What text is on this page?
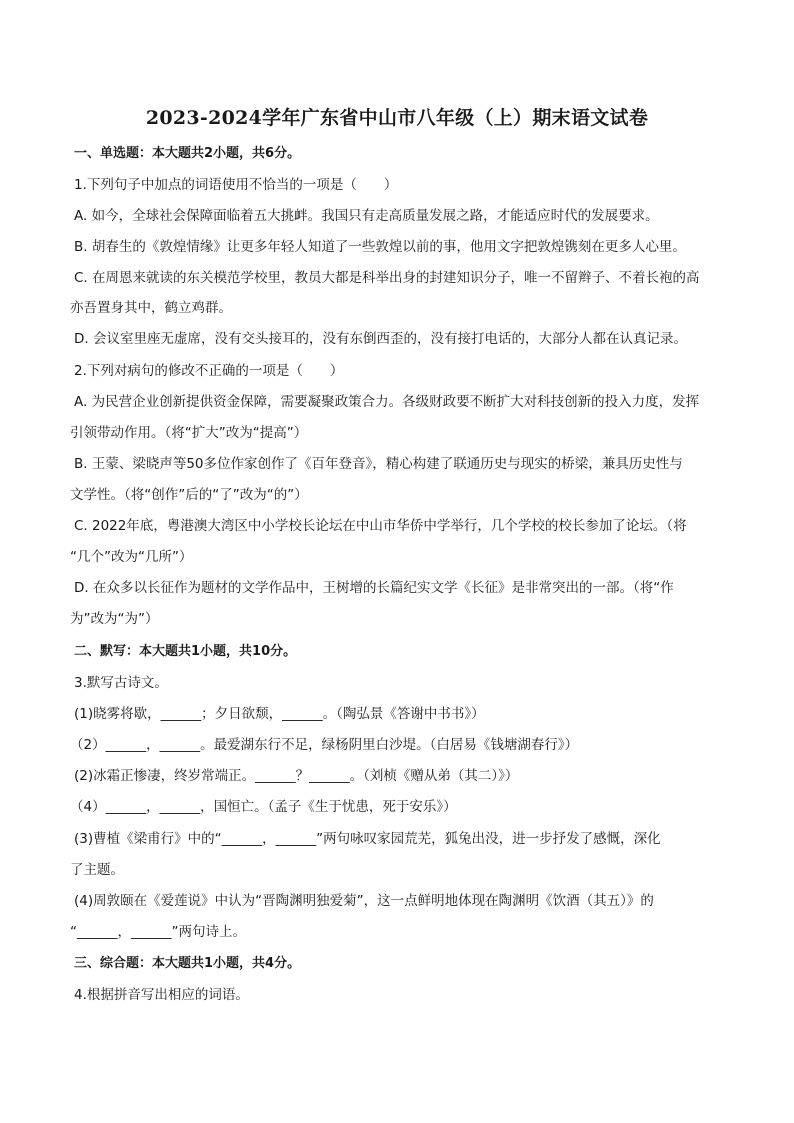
2023-2024学年广东省中山市八年级（上）期末语文试卷
一、单选题：本大题共2小题，共6分。
1.下列句子中加点的词语使用不恰当的一项是（　　）
A. 如今，全球社会保障面临着五大挑衅。我国只有走高质量发展之路，才能适应时代的发展要求。
B. 胡春生的《敦煌情缘》让更多年轻人知道了一些敦煌以前的事，他用文字把敦煌镌刻在更多人心里。
C. 在周恩来就读的东关模范学校里，教员大都是科举出身的封建知识分子，唯一不留辫子、不着长袍的高
亦吾置身其中，鹤立鸡群。
D. 会议室里座无虚席，没有交头接耳的，没有东倒西歪的，没有接打电话的，大部分人都在认真记录。
2.下列对病句的修改不正确的一项是（　　）
A. 为民营企业创新提供资金保障，需要凝聚政策合力。各级财政要不断扩大对科技创新的投入力度，发挥
引领带动作用。（将“扩大”改为“提高”）
B. 王蒙、梁晓声等50多位作家创作了《百年登音》，精心构建了联通历史与现实的桥梁，兼具历史性与
文学性。（将“创作”后的“了”改为“的”）
C. 2022年底，粤港澳大湾区中小学校长论坛在中山市华侨中学举行，几个学校的校长参加了论坛。（将
“几个”改为“几所”）
D. 在众多以长征作为题材的文学作品中，王树增的长篇纪实文学《长征》是非常突出的一部。（将“作
为”改为“为”）
二、默写：本大题共1小题，共10分。
3.默写古诗文。
(1)晓雾将歇，______；夕日欲颓，______。（陶弘景《答谢中书书》）
（2）______，______。最爱湖东行不足，绿杨阴里白沙堤。（白居易《钱塘湖春行》）
(2)冰霜正惨凄，终岁常端正。______？______。（刘桢《赠从弟（其二）》）
（4）______，______，国恒亡。（孟子《生于忧患，死于安乐》）
(3)曹植《梁甫行》中的“______，______”两句咏叹家园荒芜，狐兔出没，进一步抒发了感慨，深化
了主题。
(4)周敦颐在《爱莲说》中认为“晋陶渊明独爱菊”，这一点鲜明地体现在陶渊明《饮酒（其五）》的
“______，______”两句诗上。
三、综合题：本大题共1小题，共4分。
4.根据拼音写出相应的词语。
